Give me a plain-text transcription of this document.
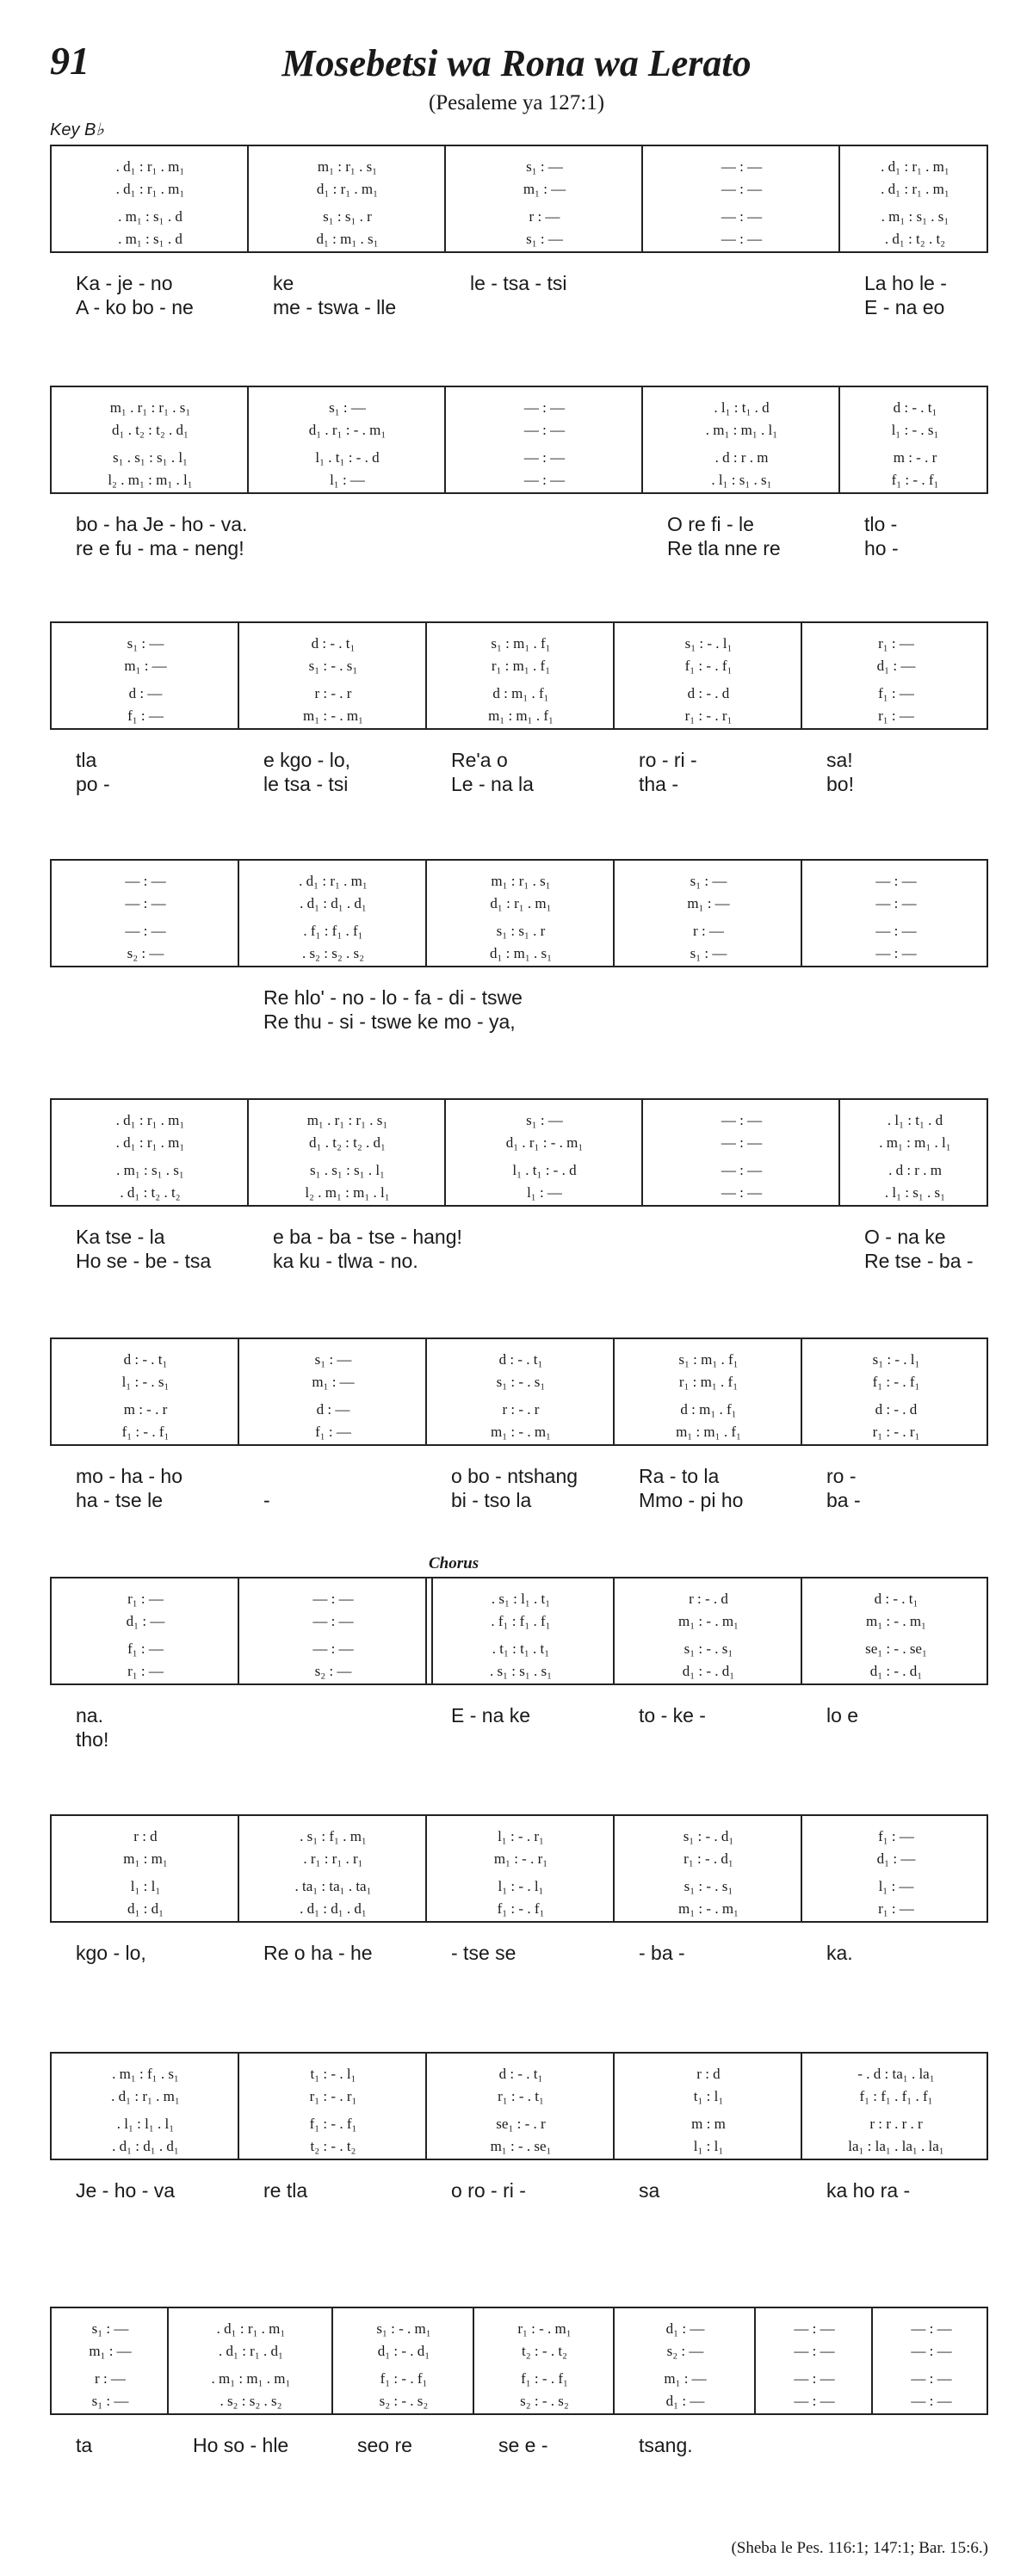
91	Mosebetsi wa Rona wa Lerato
(Pesaleme ya 127:1)
Key B♭
Chorus
. d₁ : r₁ . m₁	m₁ : r₁ . s₁	s₁ : —	— : —	. d₁ : r₁ . m₁
. d₁ : r₁ . m₁	d₁ : r₁ . m₁	m₁ : —	— : —	. d₁ : r₁ . m₁
. m₁ : s₁ . d	s₁ : s₁ . r	r : —	— : —	. m₁ : s₁ . s₁
. m₁ : s₁ . d	d₁ : m₁ . s₁	s₁ : —	— : —	. d₁ : t₂ . t₂
Ka - je - no	ke	le - tsa - tsi	La ho le -
A - ko bo - ne	me - tswa - lle	E - na eo
m₁ . r₁ : r₁ . s₁	s₁ : —	— : —	. l₁ : t₁ . d	d : - . t₁
d₁ . t₂ : t₂ . d₁	d₁ . r₁ : - . m₁	— : —	. m₁ : m₁ . l₁	l₁ : - . s₁
s₁ . s₁ : s₁ . l₁	l₁ . t₁ : - . d	— : —	. d : r . m	m : - . r
l₂ . m₁ : m₁ . l₁	l₁ : —	— : —	. l₁ : s₁ . s₁	f₁ : - . f₁
bo - ha Je - ho - va.	O re fi - le	tlo -
re e fu - ma - neng!	Re tla nne re	ho -
s₁ : —	d : - . t₁	s₁ : m₁ . f₁	s₁ : - . l₁	r₁ : —
m₁ : —	s₁ : - . s₁	r₁ : m₁ . f₁	f₁ : - . f₁	d₁ : —
d : —	r : - . r	d : m₁ . f₁	d : - . d	f₁ : —
f₁ : —	m₁ : - . m₁	m₁ : m₁ . f₁	r₁ : - . r₁	r₁ : —
tla	e kgo - lo,	Re'a o	ro - ri -	sa!
po -	le tsa - tsi	Le - na la	tha -	bo!
— : —	. d₁ : r₁ . m₁	m₁ : r₁ . s₁	s₁ : —	— : —
— : —	. d₁ : d₁ . d₁	d₁ : r₁ . m₁	m₁ : —	— : —
— : —	. f₁ : f₁ . f₁	s₁ : s₁ . r	r : —	— : —
s₂ : —	. s₂ : s₂ . s₂	d₁ : m₁ . s₁	s₁ : —	— : —
Re hlo' - no - lo - fa - di - tswe
Re thu - si - tswe ke mo - ya,
. d₁ : r₁ . m₁	m₁ . r₁ : r₁ . s₁	s₁ : —	— : —	. l₁ : t₁ . d
. d₁ : r₁ . m₁	d₁ . t₂ : t₂ . d₁	d₁ . r₁ : - . m₁	— : —	. m₁ : m₁ . l₁
. m₁ : s₁ . s₁	s₁ . s₁ : s₁ . l₁	l₁ . t₁ : - . d	— : —	. d : r . m
. d₁ : t₂ . t₂	l₂ . m₁ : m₁ . l₁	l₁ : —	— : —	. l₁ : s₁ . s₁
Ka tse - la	e ba - ba - tse - hang!	O - na ke
Ho se - be - tsa	ka ku - tlwa - no.	Re tse - ba -
d : - . t₁	s₁ : —	d : - . t₁	s₁ : m₁ . f₁	s₁ : - . l₁
l₁ : - . s₁	m₁ : —	s₁ : - . s₁	r₁ : m₁ . f₁	f₁ : - . f₁
m : - . r	d : —	r : - . r	d : m₁ . f₁	d : - . d
f₁ : - . f₁	f₁ : —	m₁ : - . m₁	m₁ : m₁ . f₁	r₁ : - . r₁
mo - ha - ho	o bo - ntshang	Ra - to la	ro -
ha - tse le	-	bi - tso la	Mmo - pi ho	ba -
r₁ : —	— : —	. s₁ : l₁ . t₁	r : - . d	d : - . t₁
d₁ : —	— : —	. f₁ : f₁ . f₁	m₁ : - . m₁	m₁ : - . m₁
f₁ : —	— : —	. t₁ : t₁ . t₁	s₁ : - . s₁	se₁ : - . se₁
r₁ : —	s₂ : —	. s₁ : s₁ . s₁	d₁ : - . d₁	d₁ : - . d₁
na.	E - na ke	to - ke -	lo e
tho!
r : d	. s₁ : f₁ . m₁	l₁ : - . r₁	s₁ : - . d₁	f₁ : —
m₁ : m₁	. r₁ : r₁ . r₁	m₁ : - . r₁	r₁ : - . d₁	d₁ : —
l₁ : l₁	. ta₁ : ta₁ . ta₁	l₁ : - . l₁	s₁ : - . s₁	l₁ : —
d₁ : d₁	. d₁ : d₁ . d₁	f₁ : - . f₁	m₁ : - . m₁	r₁ : —
kgo - lo,	Re o ha - he	- tse se	- ba -	ka.
. m₁ : f₁ . s₁	t₁ : - . l₁	d : - . t₁	r : d	- . d : ta₁ . la₁
. d₁ : r₁ . m₁	r₁ : - . r₁	r₁ : - . t₁	t₁ : l₁	f₁ : f₁ . f₁ . f₁
. l₁ : l₁ . l₁	f₁ : - . f₁	se₁ : - . r	m : m	r : r . r . r
. d₁ : d₁ . d₁	t₂ : - . t₂	m₁ : - . se₁	l₁ : l₁	la₁ : la₁ . la₁ . la₁
Je - ho - va	re tla	o ro - ri -	sa	ka ho ra -
s₁ : —	. d₁ : r₁ . m₁	s₁ : - . m₁	r₁ : - . m₁	d₁ : —	— : —	— : —
m₁ : —	. d₁ : r₁ . d₁	d₁ : - . d₁	t₂ : - . t₂	s₂ : —	— : —	— : —
r : —	. m₁ : m₁ . m₁	f₁ : - . f₁	f₁ : - . f₁	m₁ : —	— : —	— : —
s₁ : —	. s₂ : s₂ . s₂	s₂ : - . s₂	s₂ : - . s₂	d₁ : —	— : —	— : —
ta	Ho so - hle	seo re	se e -	tsang.
(Sheba le Pes. 116:1; 147:1; Bar. 15:6.)
